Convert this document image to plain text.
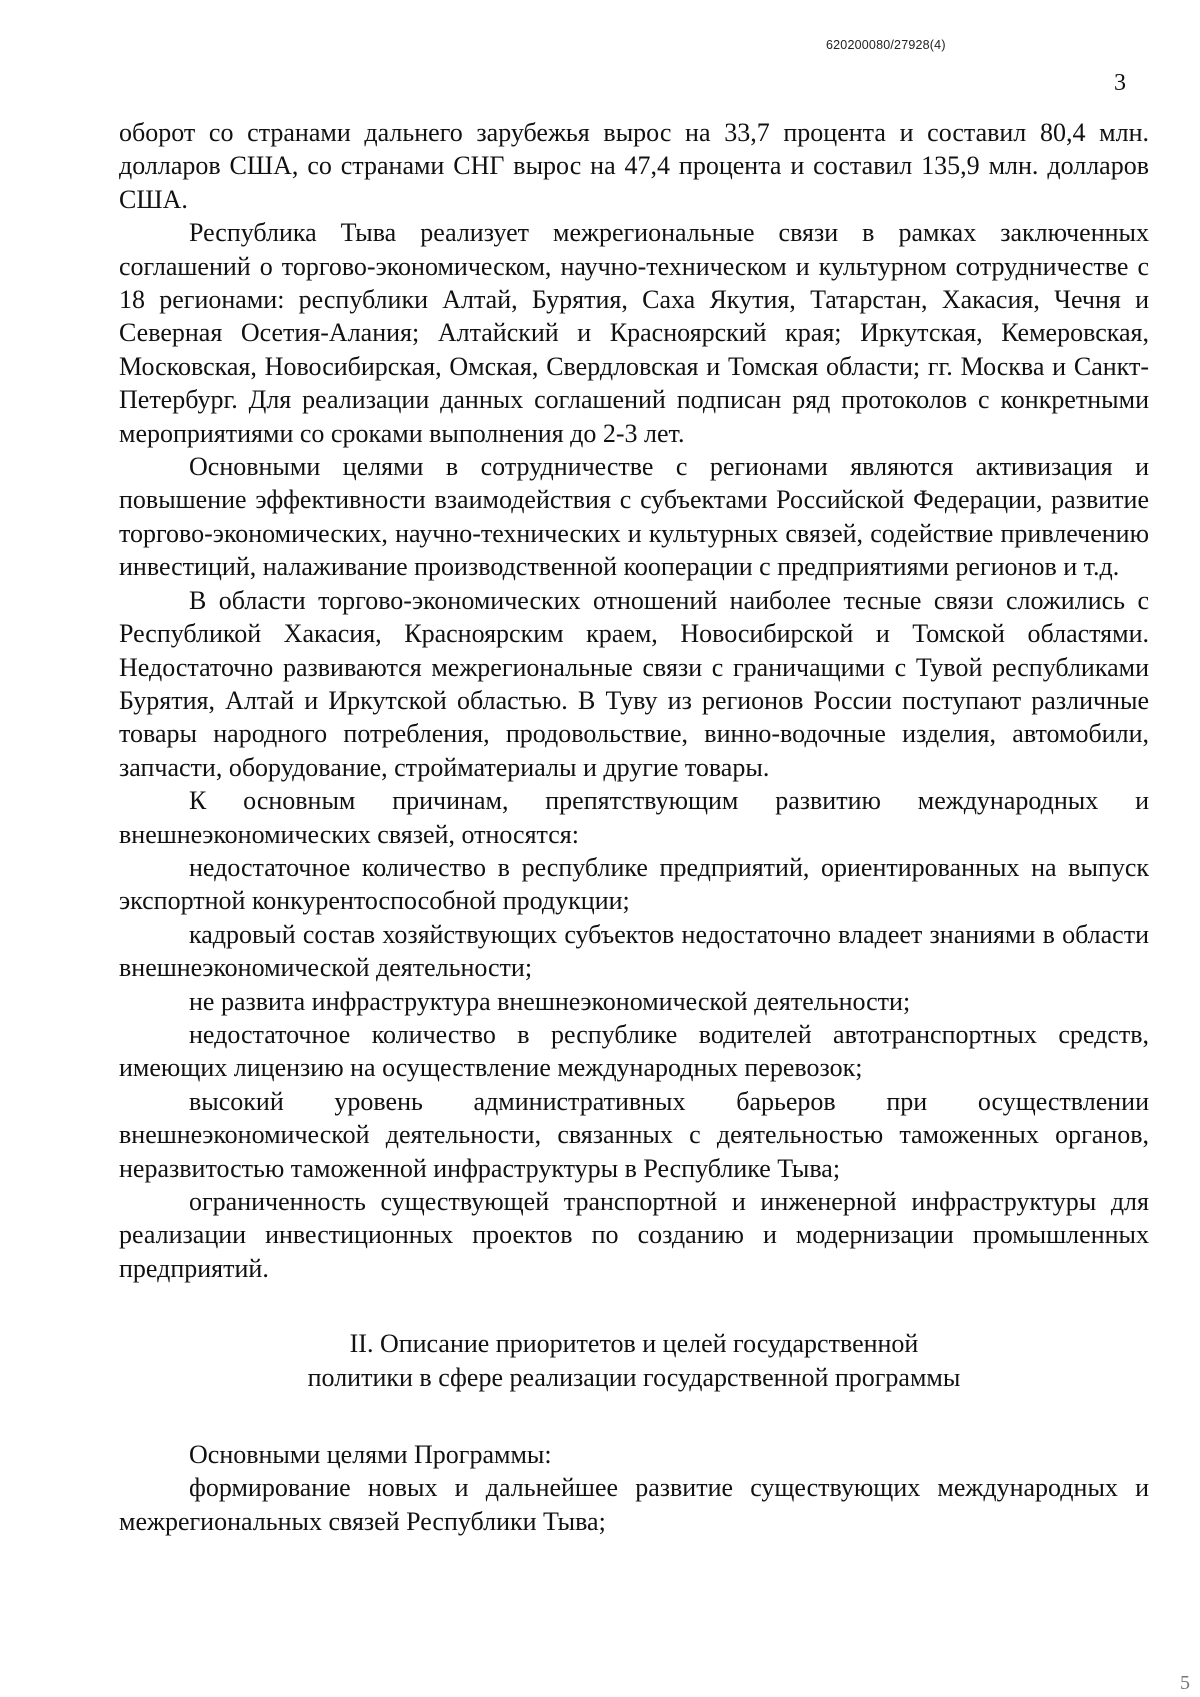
620200080/27928(4)
3

оборот со странами дальнего зарубежья вырос на 33,7 процента и составил 80,4 млн. долларов США, со странами СНГ вырос на 47,4 процента и составил 135,9 млн. долларов США.

Республика Тыва реализует межрегиональные связи в рамках заключенных соглашений о торгово-экономическом, научно-техническом и культурном сотрудничестве с 18 регионами: республики Алтай, Бурятия, Саха Якутия, Татарстан, Хакасия, Чечня и Северная Осетия-Алания; Алтайский и Красноярский края; Иркутская, Кемеровская, Московская, Новосибирская, Омская, Свердловская и Томская области; гг. Москва и Санкт-Петербург. Для реализации данных соглашений подписан ряд протоколов с конкретными мероприятиями со сроками выполнения до 2-3 лет.

Основными целями в сотрудничестве с регионами являются активизация и повышение эффективности взаимодействия с субъектами Российской Федерации, развитие торгово-экономических, научно-технических и культурных связей, содействие привлечению инвестиций, налаживание производственной кооперации с предприятиями регионов и т.д.

В области торгово-экономических отношений наиболее тесные связи сложились с Республикой Хакасия, Красноярским краем, Новосибирской и Томской областями. Недостаточно развиваются межрегиональные связи с граничащими с Тувой республиками Бурятия, Алтай и Иркутской областью. В Туву из регионов России поступают различные товары народного потребления, продовольствие, винно-водочные изделия, автомобили, запчасти, оборудование, стройматериалы и другие товары.

К основным причинам, препятствующим развитию международных и внешнеэкономических связей, относятся:

недостаточное количество в республике предприятий, ориентированных на выпуск экспортной конкурентоспособной продукции;

кадровый состав хозяйствующих субъектов недостаточно владеет знаниями в области внешнеэкономической деятельности;

не развита инфраструктура внешнеэкономической деятельности;

недостаточное количество в республике водителей автотранспортных средств, имеющих лицензию на осуществление международных перевозок;

высокий уровень административных барьеров при осуществлении внешнеэкономической деятельности, связанных с деятельностью таможенных органов, неразвитостью таможенной инфраструктуры в Республике Тыва;

ограниченность существующей транспортной и инженерной инфраструктуры для реализации инвестиционных проектов по созданию и модернизации промышленных предприятий.

II. Описание приоритетов и целей государственной
политики в сфере реализации государственной программы

Основными целями Программы:

формирование новых и дальнейшее развитие существующих международных и межрегиональных связей Республики Тыва;

5
